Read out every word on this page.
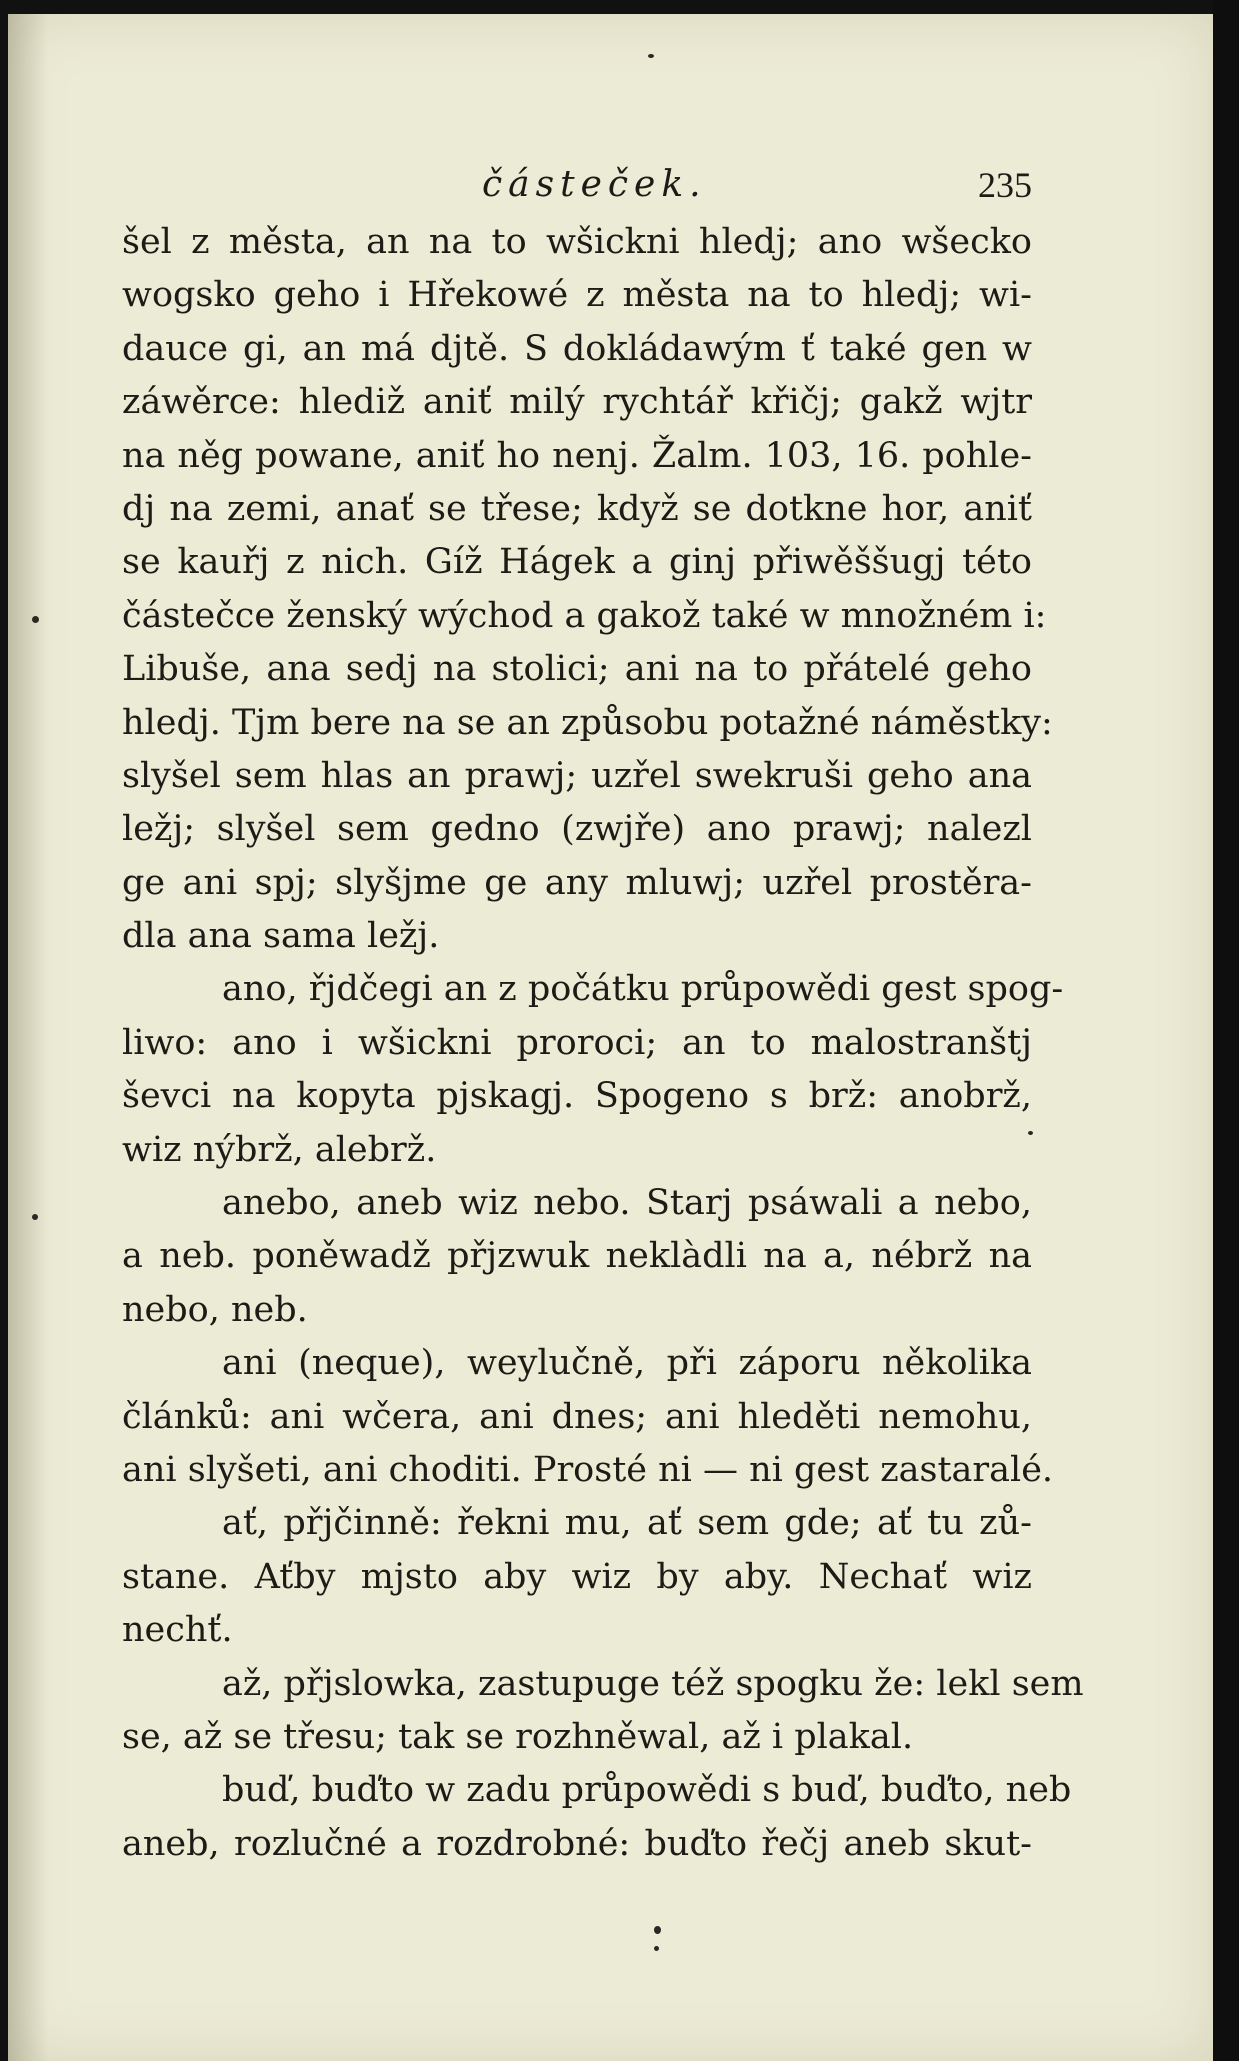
částeček.	235
šel z města, an na to wšickni hledj; ano wšecko
wogsko geho i Hřekowé z města na to hledj; wi-
dauce gi, an má djtě. S dokládawým ť také gen w
záwěrce: hlediž aniť milý rychtář křičj; gakž wjtr
na něg powane, aniť ho nenj. Žalm. 103, 16. pohle-
dj na zemi, anať se třese; když se dotkne hor, aniť
se kauřj z nich. Gíž Hágek a ginj přiwěššugj této
částečce ženský wýchod a gakož také w množném i:
Libuše, ana sedj na stolici; ani na to přátelé geho
hledj. Tjm bere na se an způsobu potažné náměstky:
slyšel sem hlas an prawj; uzřel swekruši geho ana
ležj; slyšel sem gedno (zwjře) ano prawj; nalezl
ge ani spj; slyšjme ge any mluwj; uzřel prostěra-
dla ana sama ležj.
ano, řjdčegi an z počátku průpowědi gest spog-
liwo: ano i wšickni proroci; an to malostranštj
ševci na kopyta pjskagj. Spogeno s brž: anobrž,
wiz nýbrž, alebrž.
anebo, aneb wiz nebo. Starj psáwali a nebo,
a neb. poněwadž přjzwuk neklàdli na a, nébrž na
nebo, neb.
ani (neque), weylučně, při záporu několika
článků: ani wčera, ani dnes; ani hleděti nemohu,
ani slyšeti, ani choditi. Prosté ni — ni gest zastaralé.
ať, přjčinně: řekni mu, ať sem gde; ať tu zů-
stane. Aťby mjsto aby wiz by aby. Nechať wiz
nechť.
až, přjslowka, zastupuge též spogku že: lekl sem
se, až se třesu; tak se rozhněwal, až i plakal.
buď, buďto w zadu průpowědi s buď, buďto, neb
aneb, rozlučné a rozdrobné: buďto řečj aneb skut-
